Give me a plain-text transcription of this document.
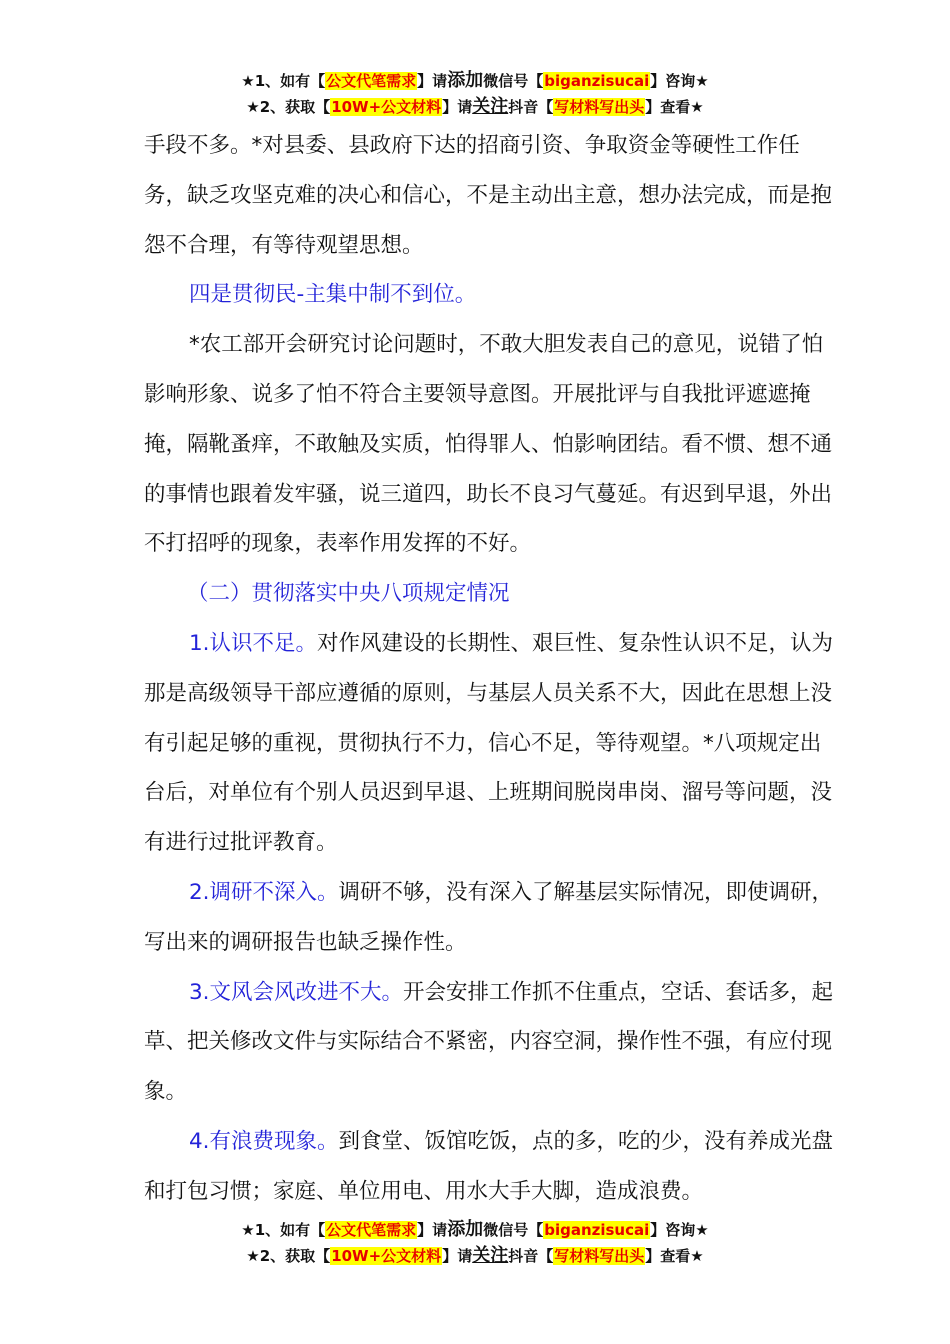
★1、如有【公文代笔需求】请添加微信号【biganzisucai】咨询★
★2、获取【10W+公文材料】请关注抖音【写材料写出头】查看★

手段不多。*对县委、县政府下达的招商引资、争取资金等硬性工作任务，缺乏攻坚克难的决心和信心，不是主动出主意，想办法完成，而是抱怨不合理，有等待观望思想。

四是贯彻民-主集中制不到位。

*农工部开会研究讨论问题时，不敢大胆发表自己的意见，说错了怕影响形象、说多了怕不符合主要领导意图。开展批评与自我批评遮遮掩掩，隔靴蚤痒，不敢触及实质，怕得罪人、怕影响团结。看不惯、想不通的事情也跟着发牢骚，说三道四，助长不良习气蔓延。有迟到早退，外出不打招呼的现象，表率作用发挥的不好。

（二）贯彻落实中央八项规定情况

1.认识不足。对作风建设的长期性、艰巨性、复杂性认识不足，认为那是高级领导干部应遵循的原则，与基层人员关系不大，因此在思想上没有引起足够的重视，贯彻执行不力，信心不足，等待观望。*八项规定出台后，对单位有个别人员迟到早退、上班期间脱岗串岗、溜号等问题，没有进行过批评教育。

2.调研不深入。调研不够，没有深入了解基层实际情况，即使调研，写出来的调研报告也缺乏操作性。

3.文风会风改进不大。开会安排工作抓不住重点，空话、套话多，起草、把关修改文件与实际结合不紧密，内容空洞，操作性不强，有应付现象。

4.有浪费现象。到食堂、饭馆吃饭，点的多，吃的少，没有养成光盘和打包习惯；家庭、单位用电、用水大手大脚，造成浪费。

★1、如有【公文代笔需求】请添加微信号【biganzisucai】咨询★
★2、获取【10W+公文材料】请关注抖音【写材料写出头】查看★
